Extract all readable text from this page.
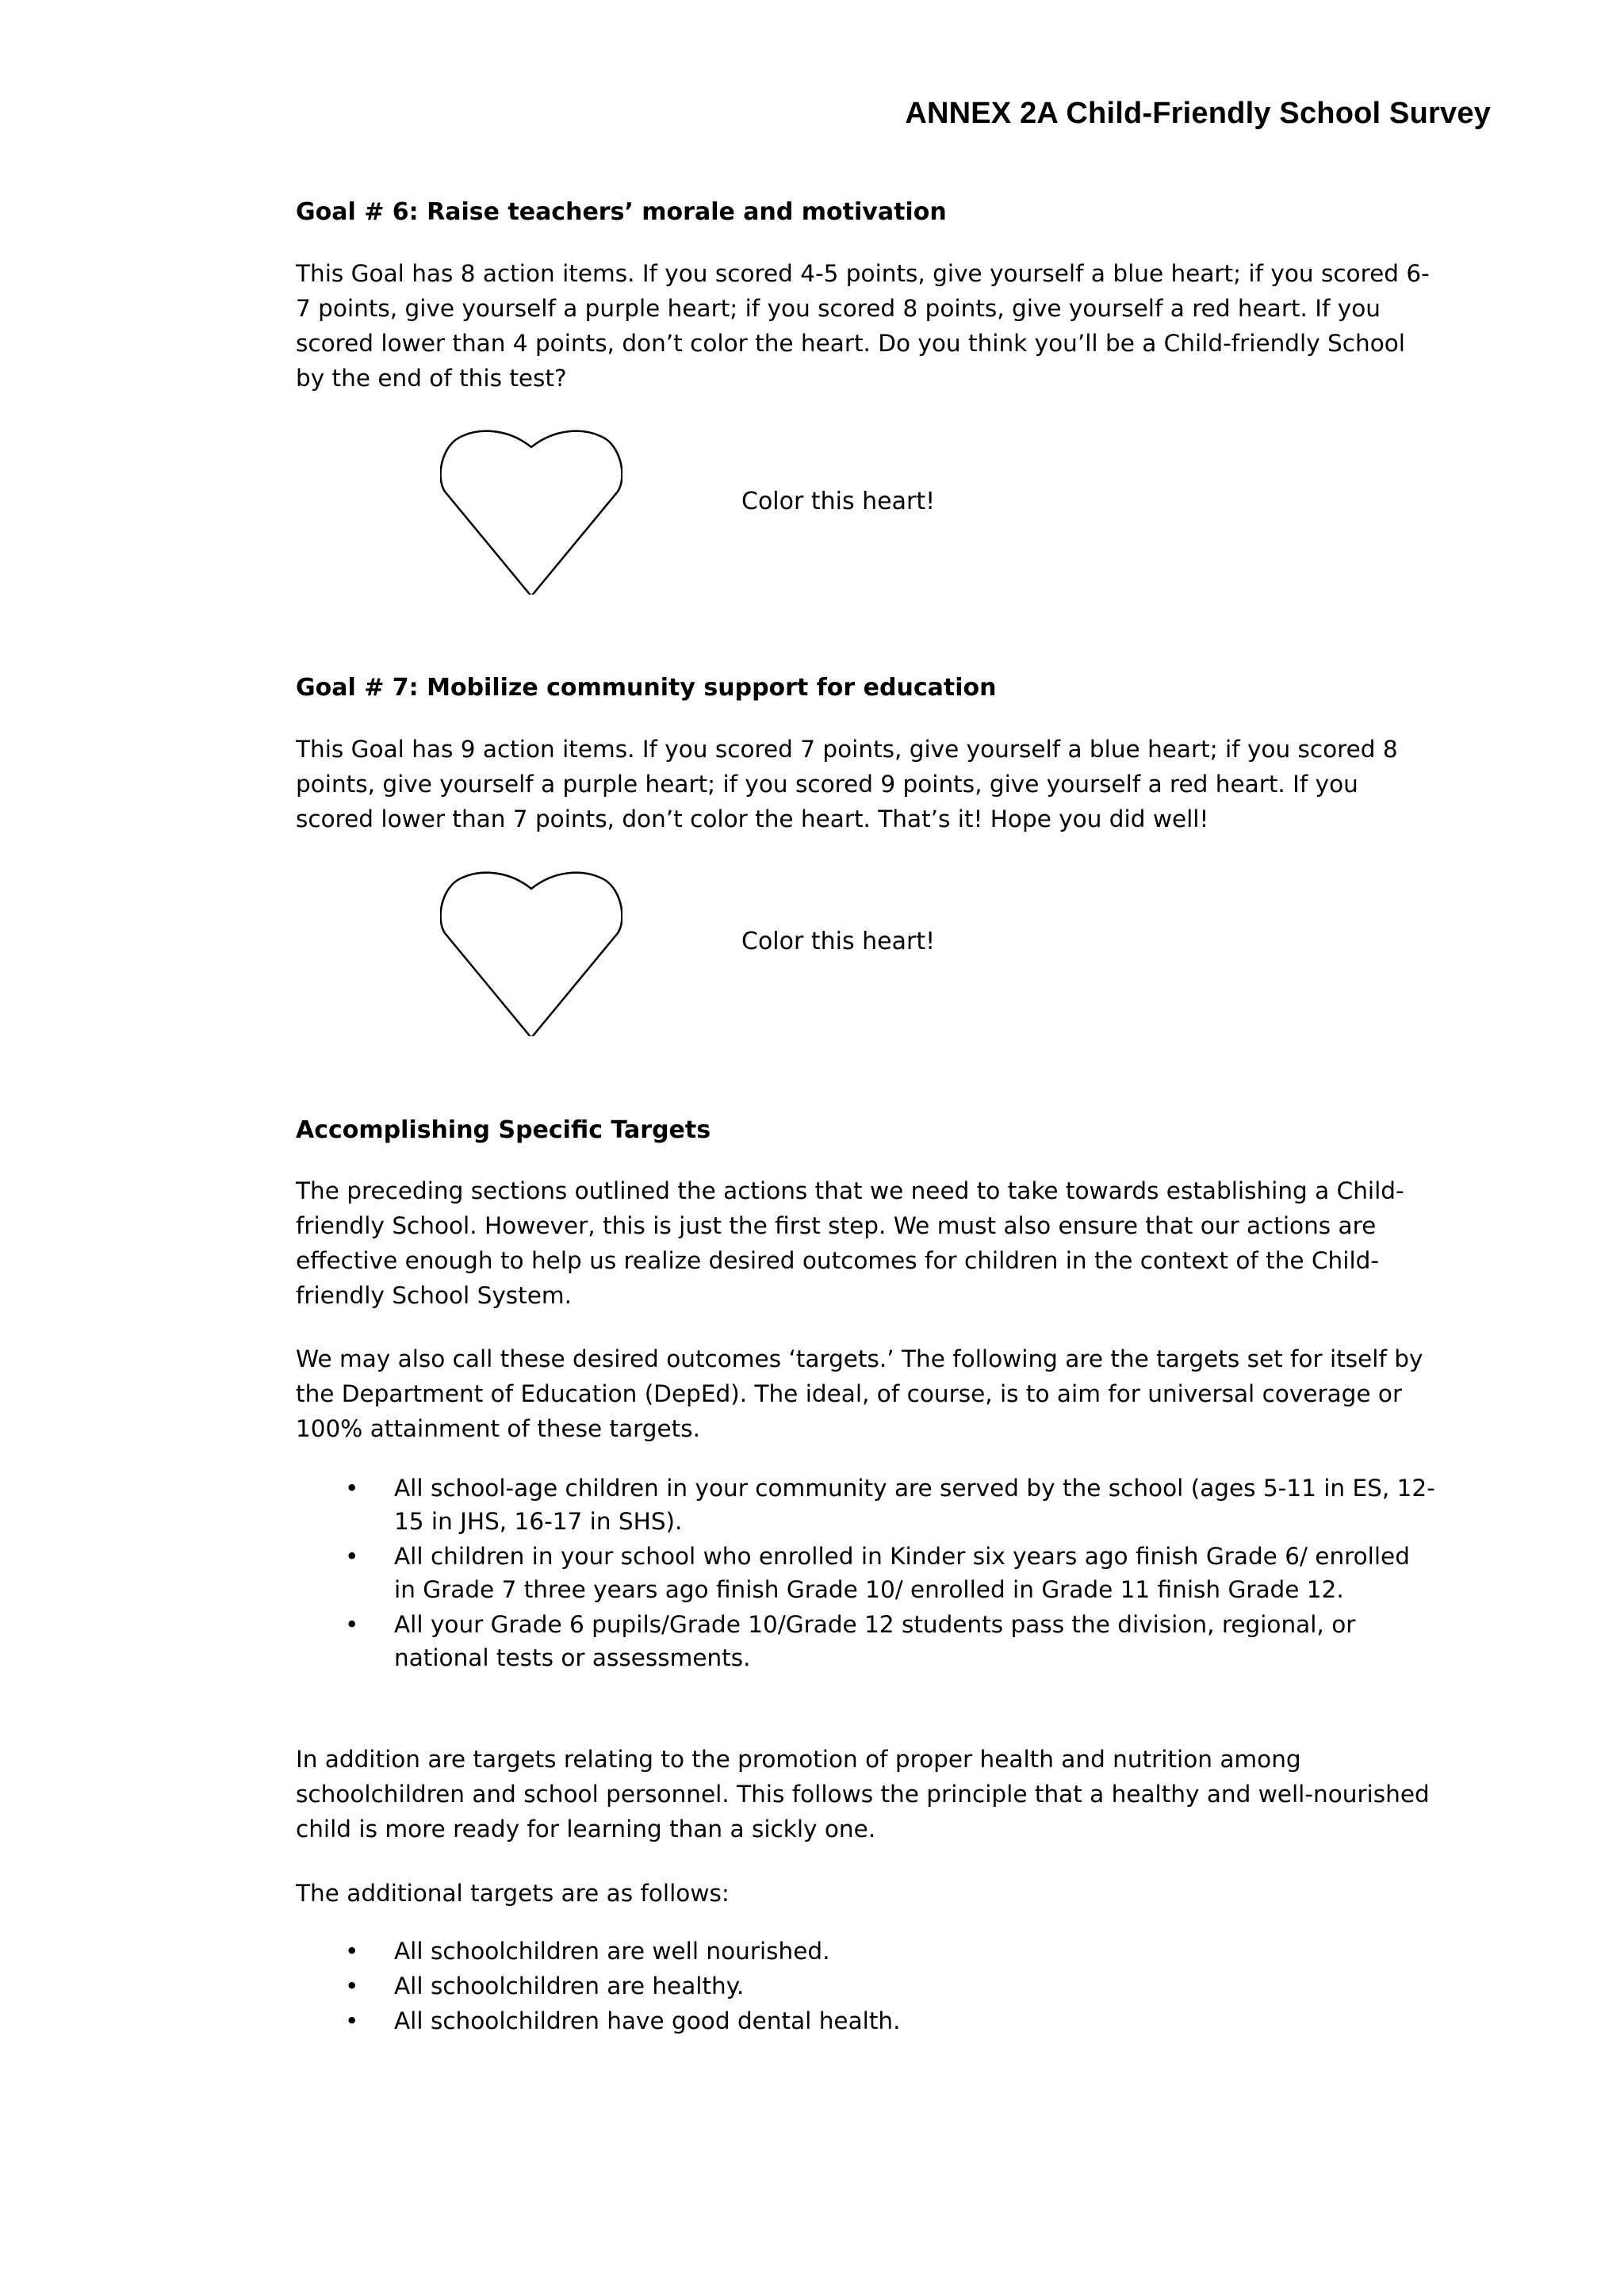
ANNEX 2A Child-Friendly School Survey
Goal # 6: Raise teachers’ morale and motivation

This Goal has 8 action items. If you scored 4-5 points, give yourself a blue heart; if you scored 6-7 points, give yourself a purple heart; if you scored 8 points, give yourself a red heart. If you scored lower than 4 points, don’t color the heart. Do you think you’ll be a Child-friendly School by the end of this test?

Color this heart!
Goal # 7: Mobilize community support for education

This Goal has 9 action items. If you scored 7 points, give yourself a blue heart; if you scored 8 points, give yourself a purple heart; if you scored 9 points, give yourself a red heart. If you scored lower than 7 points, don’t color the heart. That’s it! Hope you did well!

Color this heart!
Accomplishing Specific Targets

The preceding sections outlined the actions that we need to take towards establishing a Child-friendly School. However, this is just the first step. We must also ensure that our actions are effective enough to help us realize desired outcomes for children in the context of the Child-friendly School System.

We may also call these desired outcomes ‘targets.’ The following are the targets set for itself by the Department of Education (DepEd). The ideal, of course, is to aim for universal coverage or 100% attainment of these targets.

• All school-age children in your community are served by the school (ages 5-11 in ES, 12-15 in JHS, 16-17 in SHS).
• All children in your school who enrolled in Kinder six years ago finish Grade 6/ enrolled in Grade 7 three years ago finish Grade 10/ enrolled in Grade 11 finish Grade 12.
• All your Grade 6 pupils/Grade 10/Grade 12 students pass the division, regional, or national tests or assessments.

In addition are targets relating to the promotion of proper health and nutrition among schoolchildren and school personnel. This follows the principle that a healthy and well-nourished child is more ready for learning than a sickly one.

The additional targets are as follows:

• All schoolchildren are well nourished.
• All schoolchildren are healthy.
• All schoolchildren have good dental health.
